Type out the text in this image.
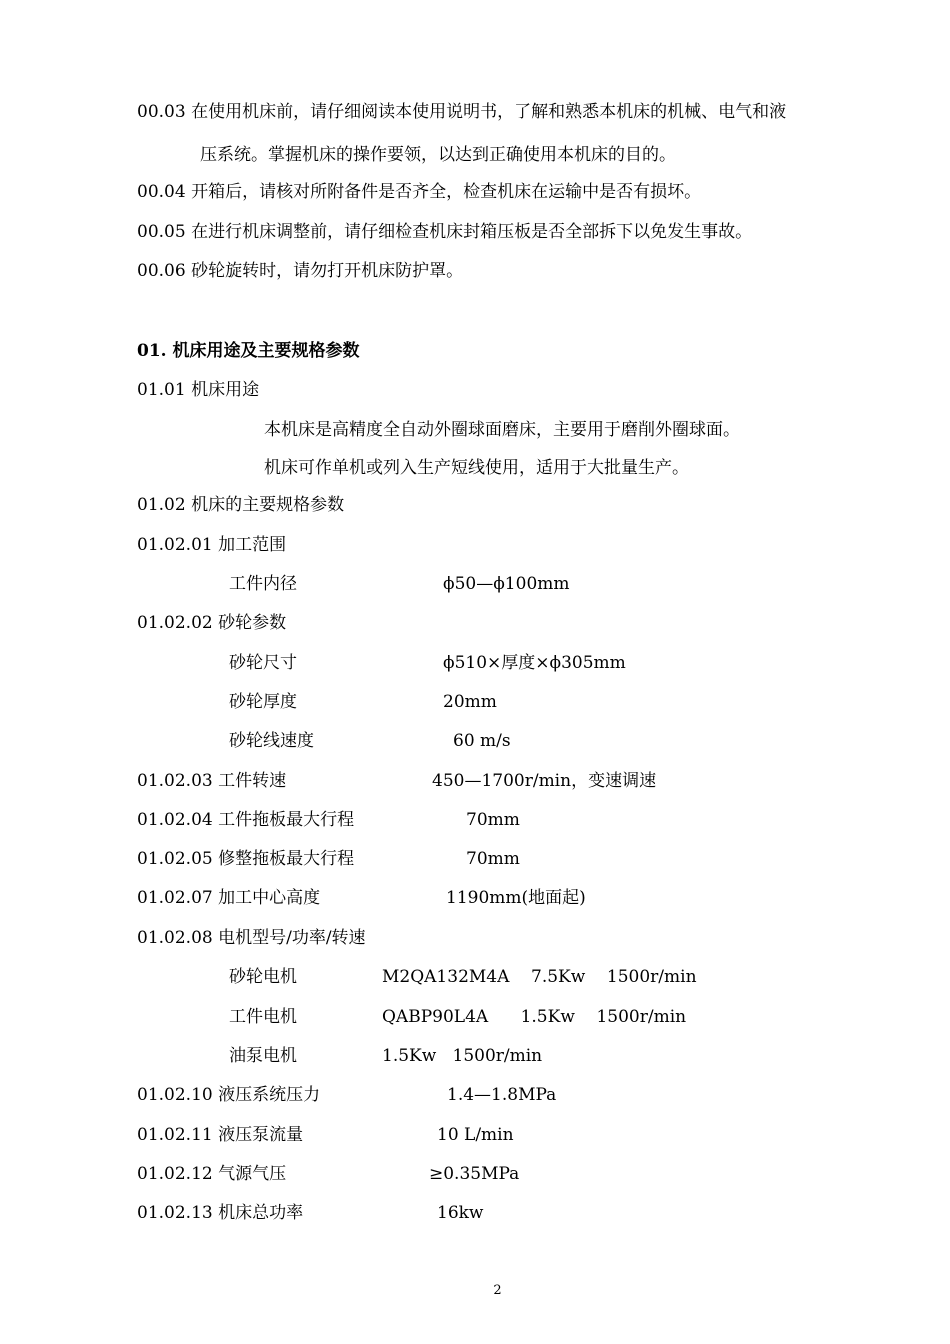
00.03 在使用机床前，请仔细阅读本使用说明书，了解和熟悉本机床的机械、电气和液
压系统。掌握机床的操作要领，以达到正确使用本机床的目的。
00.04 开箱后，请核对所附备件是否齐全，检查机床在运输中是否有损坏。
00.05 在进行机床调整前，请仔细检查机床封箱压板是否全部拆下以免发生事故。
00.06 砂轮旋转时，请勿打开机床防护罩。
01. 机床用途及主要规格参数
01.01 机床用途
本机床是高精度全自动外圈球面磨床，主要用于磨削外圈球面。
机床可作单机或列入生产短线使用，适用于大批量生产。
01.02 机床的主要规格参数
01.02.01 加工范围
工件内径	ϕ50—ϕ100mm
01.02.02 砂轮参数
砂轮尺寸	ϕ510×厚度×ϕ305mm
砂轮厚度	20mm
砂轮线速度	60 m/s
01.02.03 工件转速	450—1700r/min，变速调速
01.02.04 工件拖板最大行程	70mm
01.02.05 修整拖板最大行程	70mm
01.02.07 加工中心高度	1190mm(地面起)
01.02.08 电机型号/功率/转速
砂轮电机	M2QA132M4A    7.5Kw    1500r/min
工件电机	QABP90L4A      1.5Kw    1500r/min
油泵电机	1.5Kw   1500r/min
01.02.10 液压系统压力	1.4—1.8MPa
01.02.11 液压泵流量	10 L/min
01.02.12 气源气压	≥0.35MPa
01.02.13 机床总功率	16kw
2
